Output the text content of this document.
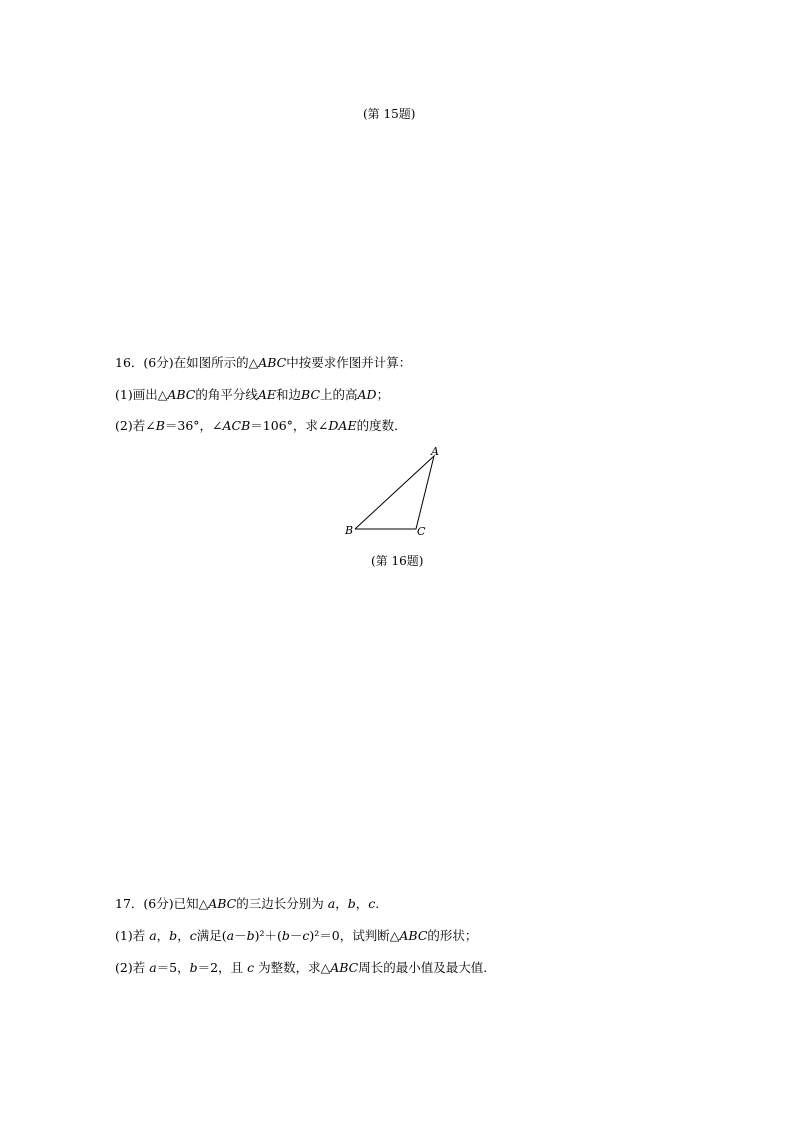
(第 15题)
16．(6分)在如图所示的△ABC中按要求作图并计算：
(1)画出△ABC的角平分线AE和边BC上的高AD；
(2)若∠B＝36°，∠ACB＝106°，求∠DAE的度数．
A
B	C
(第 16题)
17．(6分)已知△ABC的三边长分别为 a，b，c.
(1)若 a，b，c满足(a－b)²＋(b－c)²＝0，试判断△ABC的形状；
(2)若 a＝5，b＝2，且 c 为整数，求△ABC周长的最小值及最大值.
